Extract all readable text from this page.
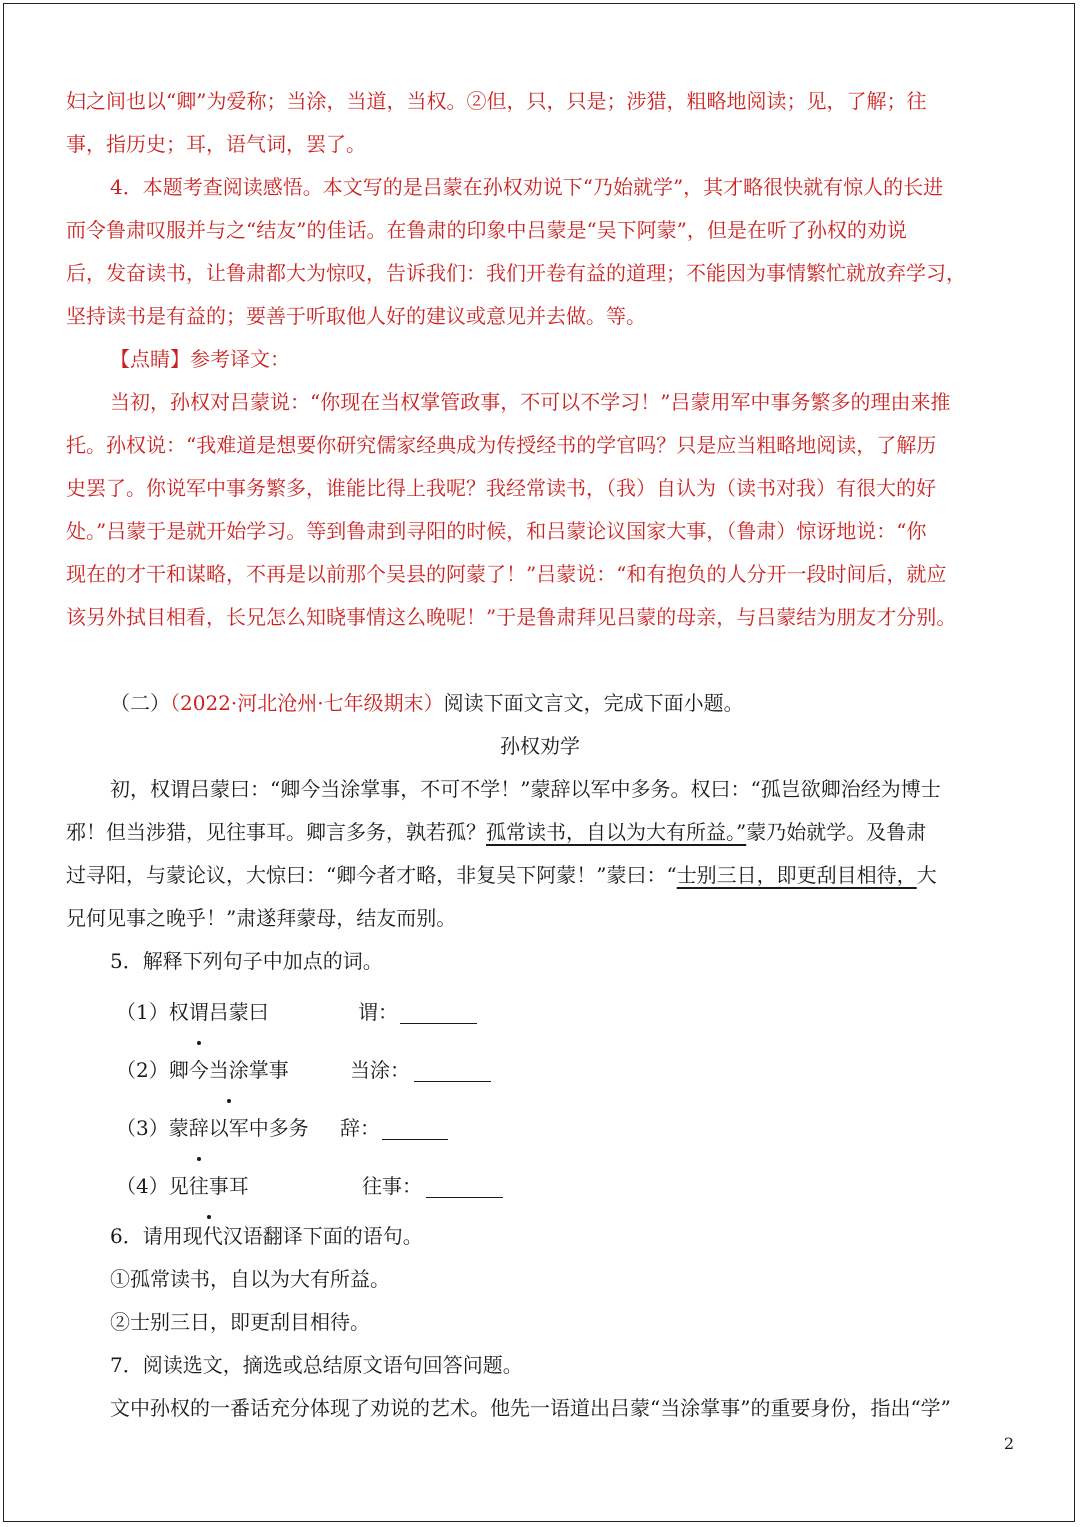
妇之间也以“卿”为爱称；当涂，当道，当权。②但，只，只是；涉猎，粗略地阅读；见，了解；往
事，指历史；耳，语气词，罢了。
4．本题考查阅读感悟。本文写的是吕蒙在孙权劝说下“乃始就学”，其才略很快就有惊人的长进
而令鲁肃叹服并与之“结友”的佳话。在鲁肃的印象中吕蒙是“吴下阿蒙”，但是在听了孙权的劝说
后，发奋读书，让鲁肃都大为惊叹，告诉我们：我们开卷有益的道理；不能因为事情繁忙就放弃学习，
坚持读书是有益的；要善于听取他人好的建议或意见并去做。等。
【点睛】参考译文：
当初，孙权对吕蒙说：“你现在当权掌管政事，不可以不学习！”吕蒙用军中事务繁多的理由来推
托。孙权说：“我难道是想要你研究儒家经典成为传授经书的学官吗？只是应当粗略地阅读，了解历
史罢了。你说军中事务繁多，谁能比得上我呢？我经常读书，（我）自认为（读书对我）有很大的好
处。”吕蒙于是就开始学习。等到鲁肃到寻阳的时候，和吕蒙论议国家大事，（鲁肃）惊讶地说：“你
现在的才干和谋略，不再是以前那个吴县的阿蒙了！”吕蒙说：“和有抱负的人分开一段时间后，就应
该另外拭目相看，长兄怎么知晓事情这么晚呢！”于是鲁肃拜见吕蒙的母亲，与吕蒙结为朋友才分别。
（二）（2022·河北沧州·七年级期末）阅读下面文言文，完成下面小题。
孙权劝学
初，权谓吕蒙曰：“卿今当涂掌事，不可不学！”蒙辞以军中多务。权曰：“孤岂欲卿治经为博士
邪！但当涉猎，见往事耳。卿言多务，孰若孤？孤常读书，自以为大有所益。”蒙乃始就学。及鲁肃
过寻阳，与蒙论议，大惊曰：“卿今者才略，非复吴下阿蒙！”蒙曰：“士别三日，即更刮目相待，大
兄何见事之晚乎！”肃遂拜蒙母，结友而别。
5．解释下列句子中加点的词。
（1）权谓吕蒙曰	谓：
（2）卿今当涂掌事	当涂：
（3）蒙辞以军中多务 辞：
（4）见往事耳	往事：
6．请用现代汉语翻译下面的语句。
①孤常读书，自以为大有所益。
②士别三日，即更刮目相待。
7．阅读选文，摘选或总结原文语句回答问题。
文中孙权的一番话充分体现了劝说的艺术。他先一语道出吕蒙“当涂掌事”的重要身份，指出“学”
2
